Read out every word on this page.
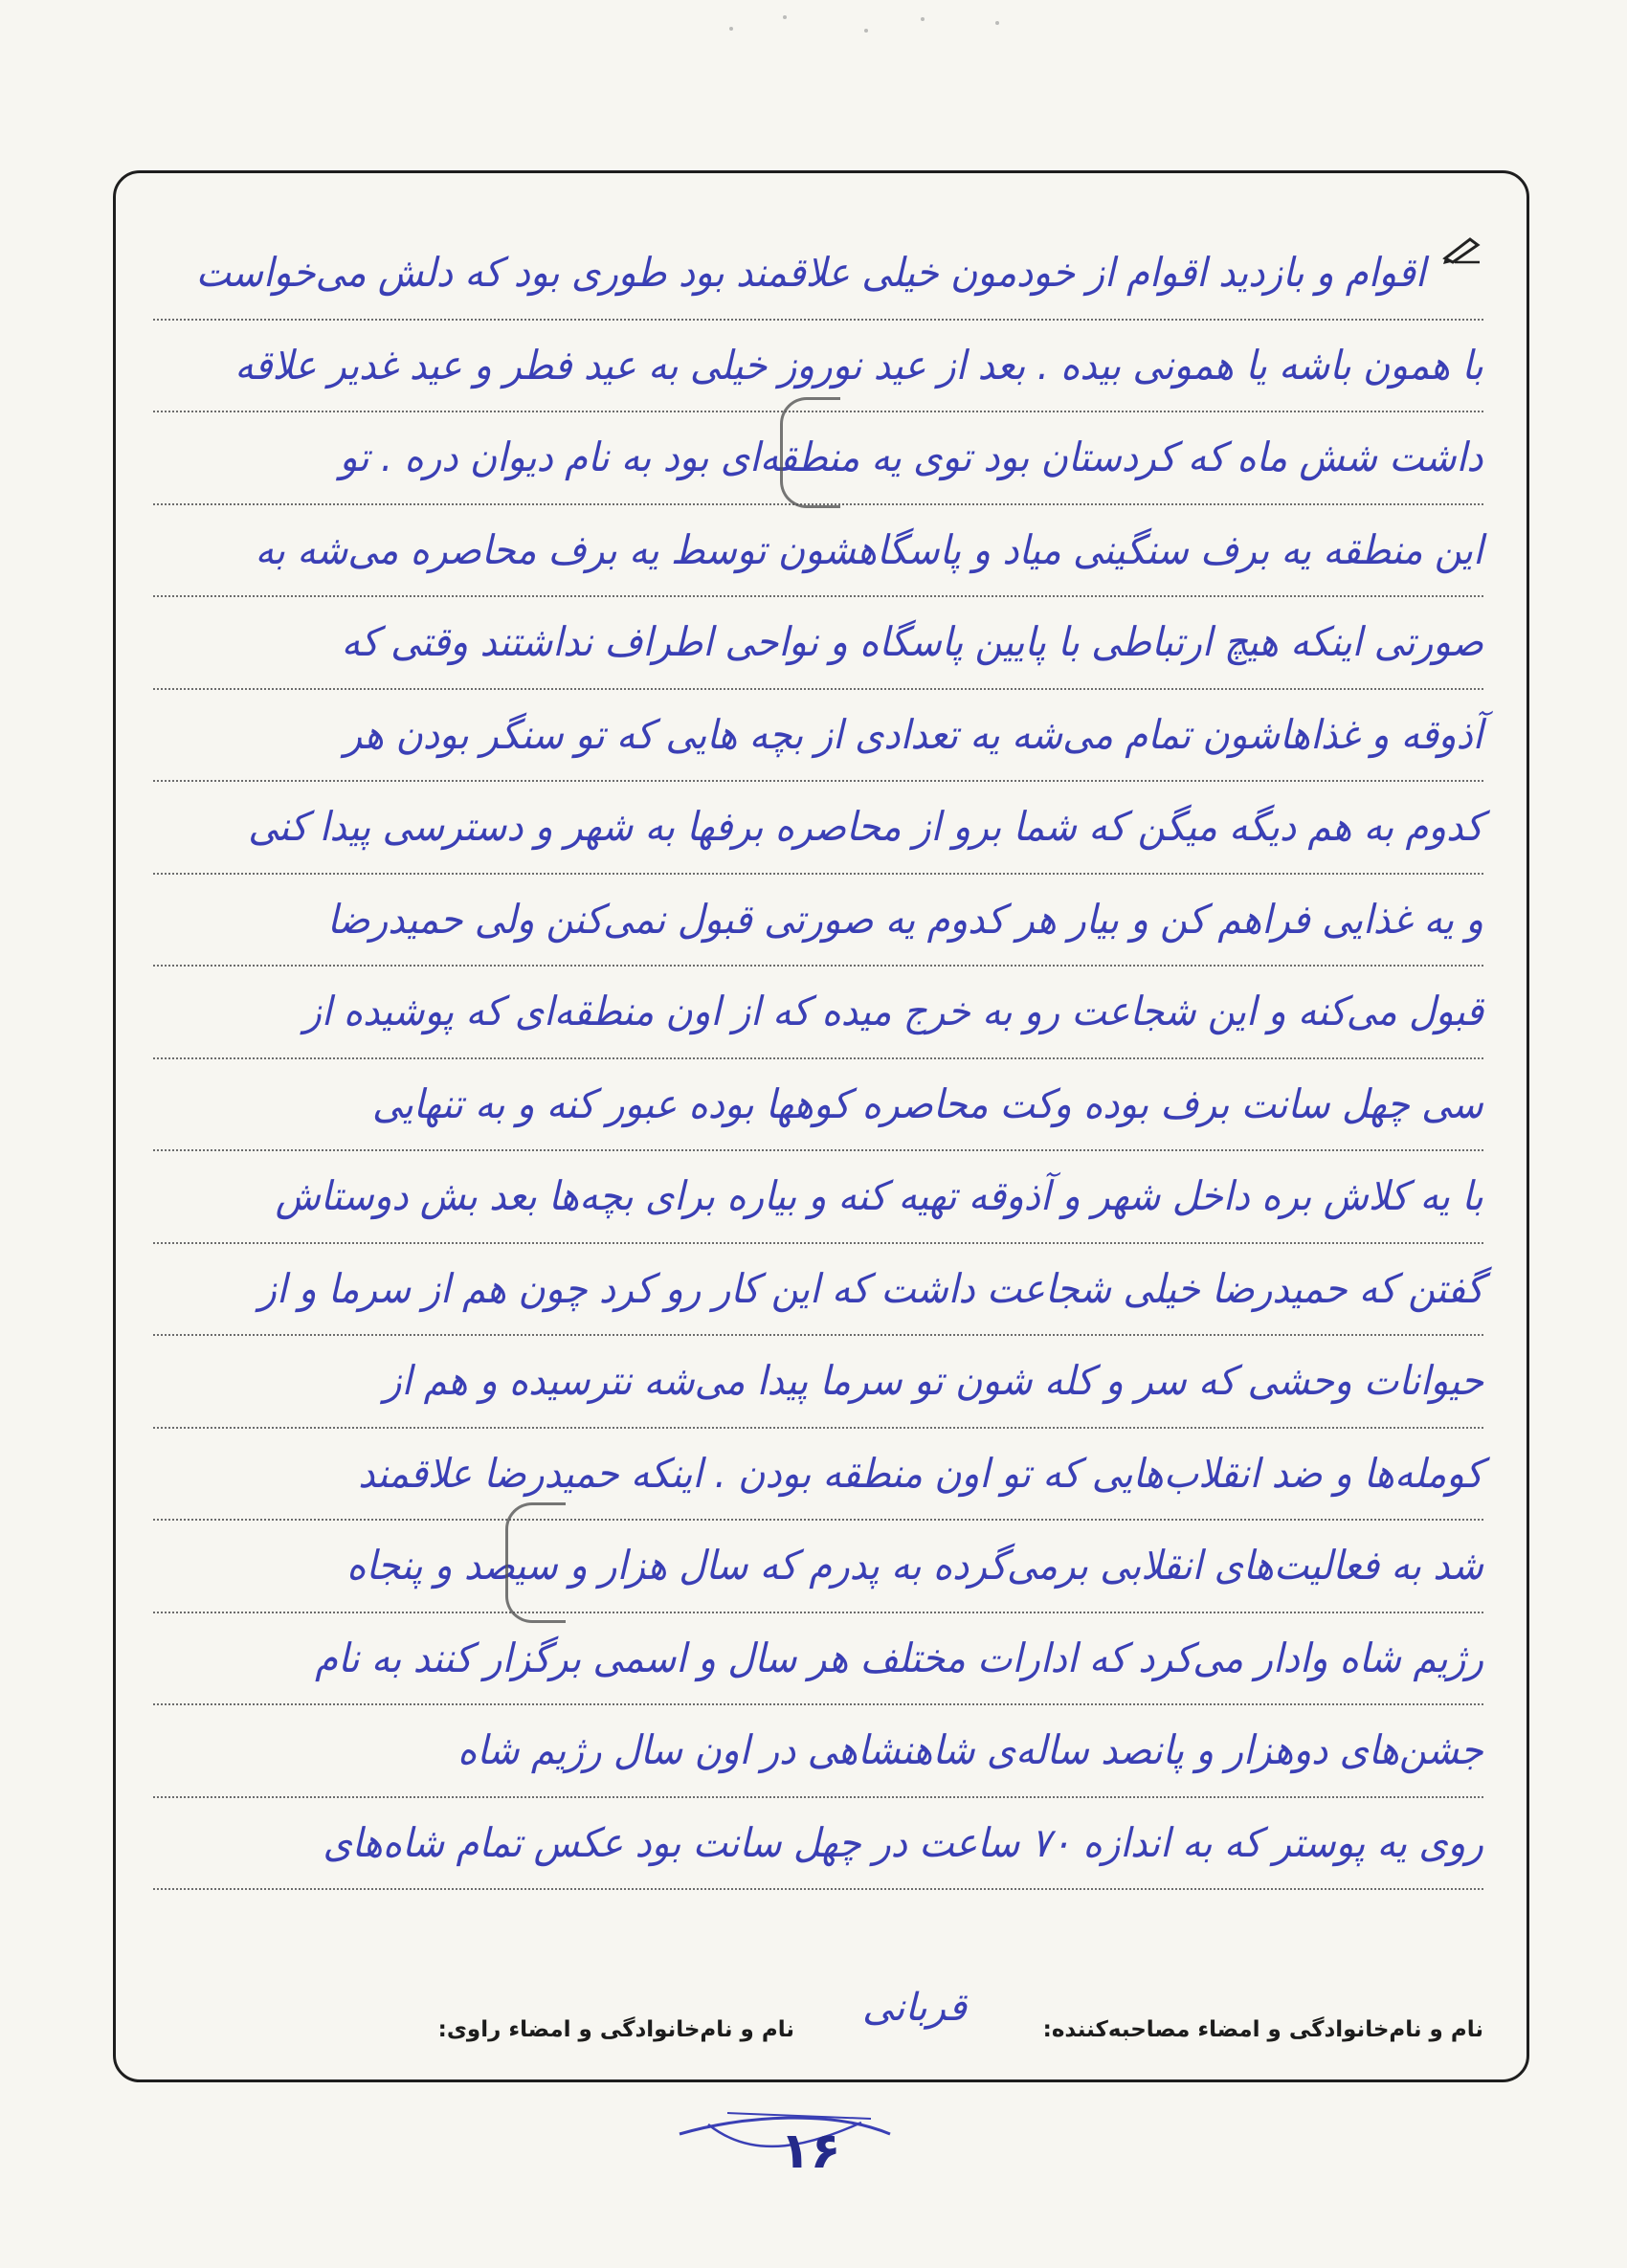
اقوام و بازدید اقوام از خودمون خیلی علاقمند بود طوری بود که دلش می‌خواست
با همون باشه یا همونی بیده . بعد از عید نوروز خیلی به عید فطر و عید غدیر علاقه
داشت شش ماه که کردستان بود توی یه منطقه‌ای بود به نام دیوان دره . تو
این منطقه یه برف سنگینی میاد و پاسگاهشون توسط یه برف محاصره می‌شه به
صورتی اینکه هیچ ارتباطی با پایین پاسگاه و نواحی اطراف نداشتند وقتی که
آذوقه و غذاهاشون تمام می‌شه یه تعدادی از بچه هایی که تو سنگر بودن هر
کدوم به هم دیگه میگن که شما برو از محاصره برفها به شهر و دسترسی پیدا کنی
و یه غذایی فراهم کن و بیار هر کدوم یه صورتی قبول نمی‌کنن ولی حمیدرضا
قبول می‌کنه و این شجاعت رو به خرج میده که از اون منطقه‌ای که پوشیده از
سی چهل سانت برف بوده وکت محاصره کوهها بوده عبور کنه و به تنهایی
با یه کلاش بره داخل شهر و آذوقه تهیه کنه و بیاره برای بچه‌ها بعد بش دوستاش
گفتن که حمیدرضا خیلی شجاعت داشت که این کار رو کرد چون هم از سرما و از
حیوانات وحشی که سر و کله شون تو سرما پیدا می‌شه نترسیده و هم از
کومله‌ها و ضد انقلاب‌هایی که تو اون منطقه بودن . اینکه حمیدرضا علاقمند
شد به فعالیت‌های انقلابی برمی‌گرده به پدرم که سال هزار و سیصد و پنجاه
رژیم شاه وادار می‌کرد که ادارات مختلف هر سال و اسمی برگزار کنند به نام
جشن‌های دوهزار و پانصد ساله‌ی شاهنشاهی در اون سال رژیم شاه
روی یه پوستر که به اندازه ۷۰ ساعت در چهل سانت بود عکس تمام شاه‌های
نام و نام‌خانوادگی و امضاء مصاحبه‌کننده:
نام و نام‌خانوادگی و امضاء راوی:	قربانی
۱۶
